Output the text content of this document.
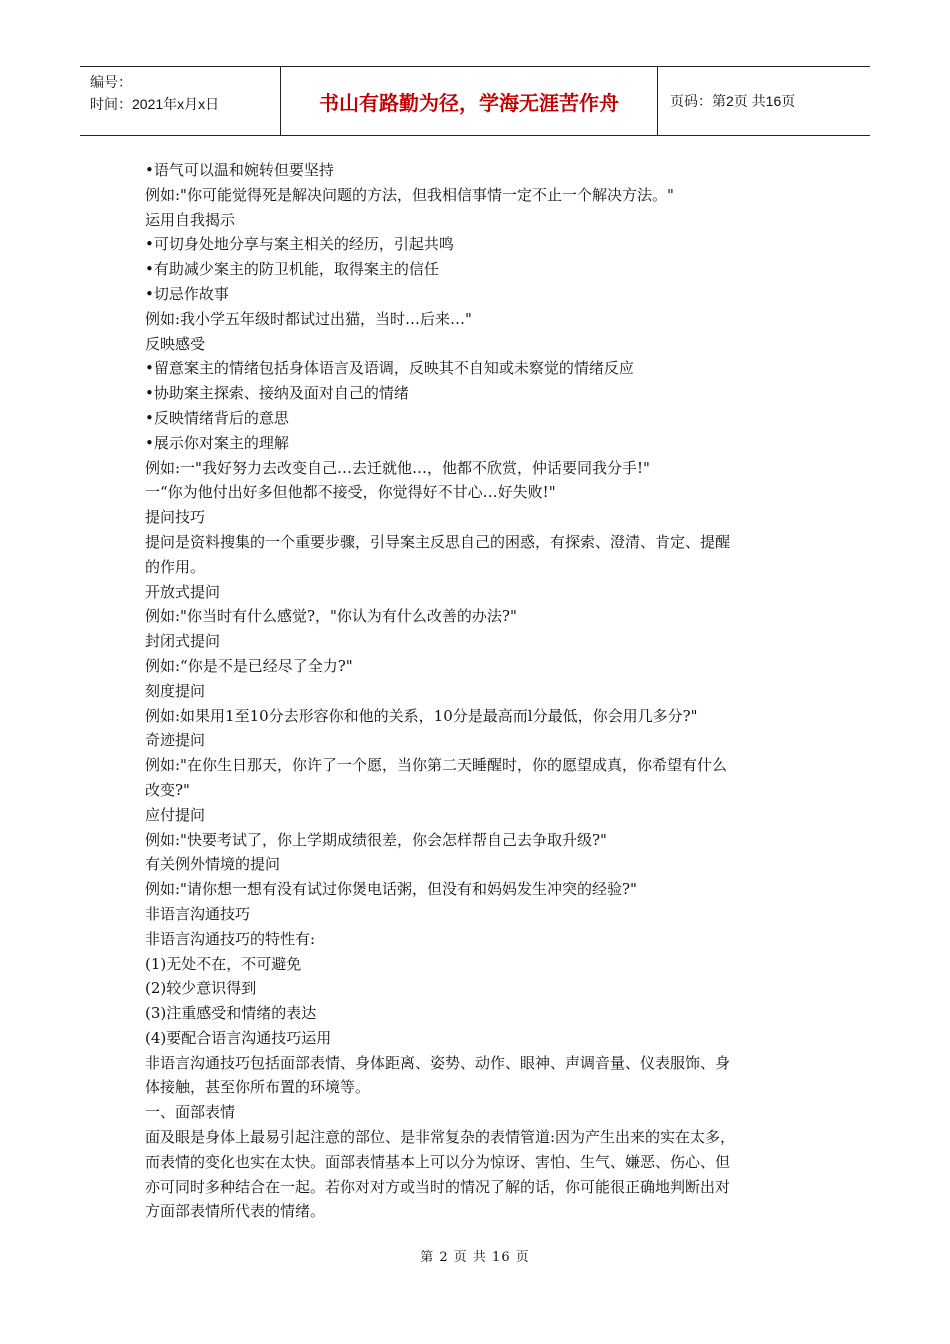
编号：
时间：2021年x月x日	书山有路勤为径，学海无涯苦作舟	页码：第2页 共16页
•语气可以温和婉转但要坚持
例如:"你可能觉得死是解决问题的方法，但我相信事情一定不止一个解决方法。"
运用自我揭示
•可切身处地分享与案主相关的经历，引起共鸣
•有助减少案主的防卫机能，取得案主的信任
•切忌作故事
例如:我小学五年级时都试过出猫，当时…后来…"
反映感受
•留意案主的情绪包括身体语言及语调，反映其不自知或未察觉的情绪反应
•协助案主探索、接纳及面对自己的情绪
•反映情绪背后的意思
•展示你对案主的理解
例如:一"我好努力去改变自己…去迁就他…，他都不欣赏，仲话要同我分手!"
一“你为他付出好多但他都不接受，你觉得好不甘心…好失败!"
提问技巧
提问是资料搜集的一个重要步骤，引导案主反思自己的困惑，有探索、澄清、肯定、提醒
的作用。
开放式提问
例如:"你当时有什么感觉?，"你认为有什么改善的办法?"
封闭式提问
例如:“你是不是已经尽了全力?"
刻度提问
例如:如果用1至10分去形容你和他的关系，10分是最高而l分最低，你会用几多分?"
奇迹提问
例如:"在你生日那天，你许了一个愿，当你第二天睡醒时，你的愿望成真，你希望有什么
改变?"
应付提问
例如:"快要考试了，你上学期成绩很差，你会怎样帮自己去争取升级?"
有关例外情境的提问
例如:"请你想一想有没有试过你煲电话粥，但没有和妈妈发生冲突的经验?"
非语言沟通技巧
非语言沟通技巧的特性有:
(1)无处不在，不可避免
(2)较少意识得到
(3)注重感受和情绪的表达
(4)要配合语言沟通技巧运用
非语言沟通技巧包括面部表情、身体距离、姿势、动作、眼神、声调音量、仪表服饰、身
体接触，甚至你所布置的环境等。
一、面部表情
面及眼是身体上最易引起注意的部位、是非常复杂的表情管道:因为产生出来的实在太多，
而表情的变化也实在太快。面部表情基本上可以分为惊讶、害怕、生气、嫌恶、伤心、但
亦可同时多种结合在一起。若你对对方或当时的情况了解的话，你可能很正确地判断出对
方面部表情所代表的情绪。
第 2 页 共 16 页
